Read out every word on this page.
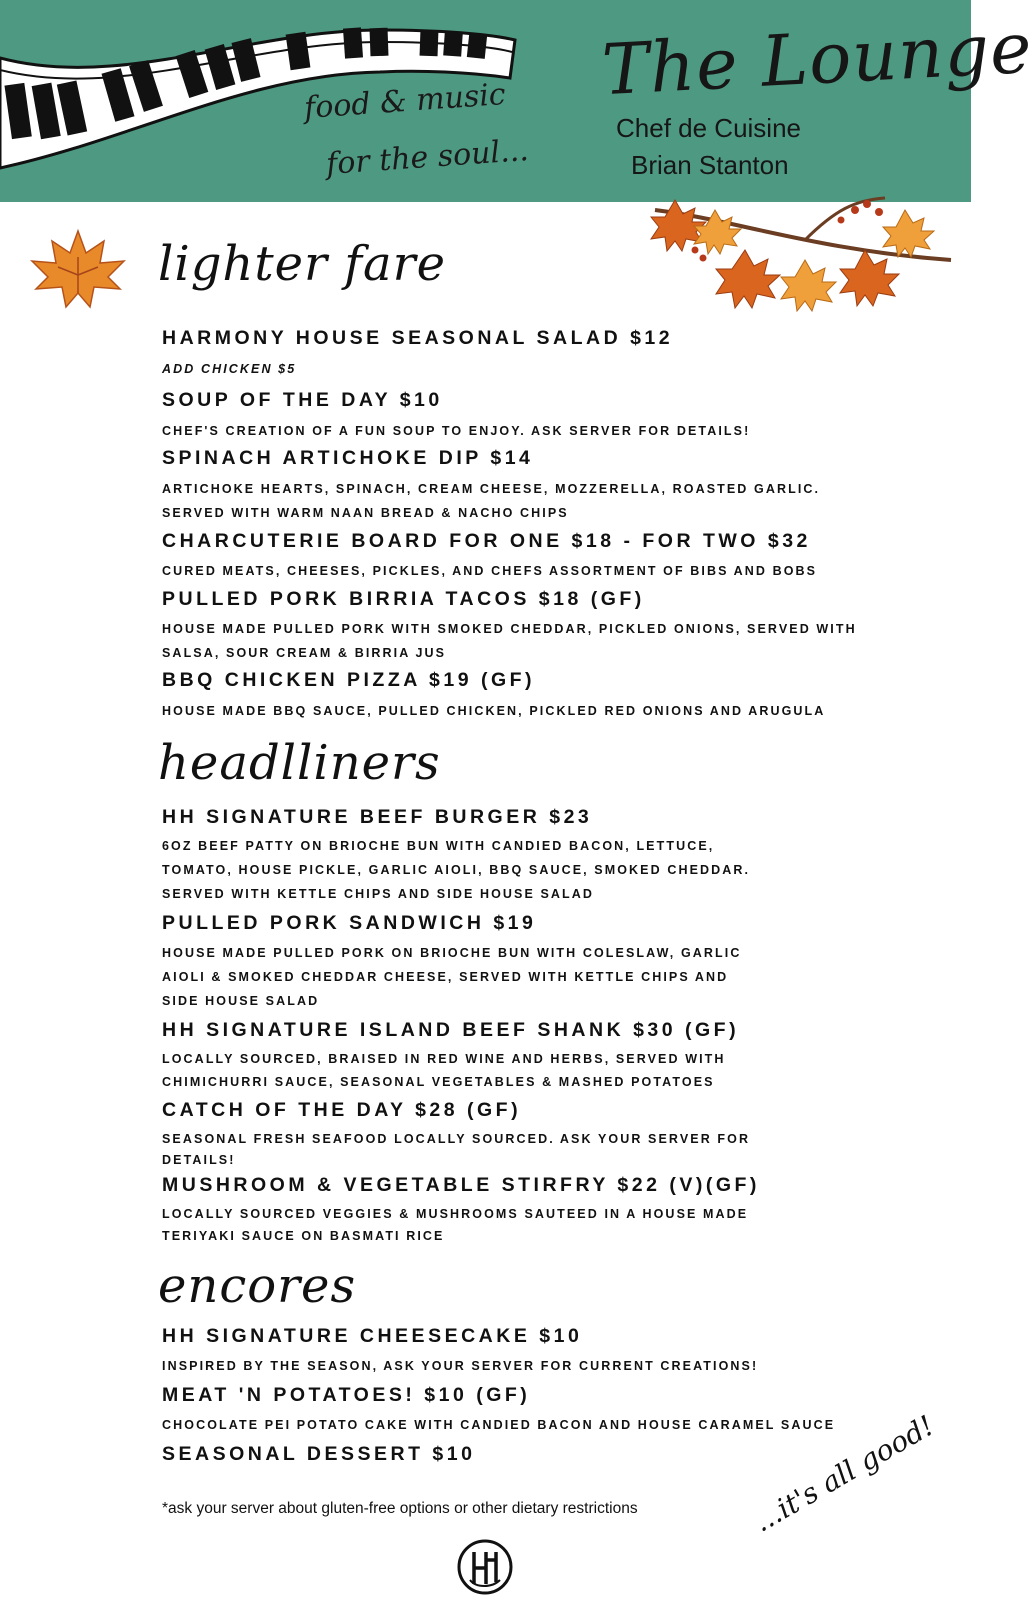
food & music
for the soul...
The Lounge
Chef de Cuisine
Brian Stanton
lighter fare
HARMONY HOUSE SEASONAL SALAD $12
ADD CHICKEN $5
SOUP OF THE DAY $10
CHEF'S CREATION OF A FUN SOUP TO ENJOY. ASK SERVER FOR DETAILS!
SPINACH ARTICHOKE DIP $14
ARTICHOKE HEARTS, SPINACH, CREAM CHEESE, MOZZERELLA, ROASTED GARLIC.
SERVED WITH WARM NAAN BREAD & NACHO CHIPS
CHARCUTERIE BOARD FOR ONE $18 - FOR TWO $32
CURED MEATS, CHEESES, PICKLES, AND CHEFS ASSORTMENT OF BIBS AND BOBS
PULLED PORK BIRRIA TACOS $18 (GF)
HOUSE MADE PULLED PORK WITH SMOKED CHEDDAR, PICKLED ONIONS, SERVED WITH
SALSA, SOUR CREAM & BIRRIA JUS
BBQ CHICKEN PIZZA $19 (GF)
HOUSE MADE BBQ SAUCE, PULLED CHICKEN, PICKLED RED ONIONS AND ARUGULA
headlliners
HH SIGNATURE BEEF BURGER $23
6OZ BEEF PATTY ON BRIOCHE BUN WITH CANDIED BACON, LETTUCE,
TOMATO, HOUSE PICKLE, GARLIC AIOLI, BBQ SAUCE, SMOKED CHEDDAR.
SERVED WITH KETTLE CHIPS AND SIDE HOUSE SALAD
PULLED PORK SANDWICH $19
HOUSE MADE PULLED PORK ON BRIOCHE BUN WITH COLESLAW, GARLIC
AIOLI & SMOKED CHEDDAR CHEESE, SERVED WITH KETTLE CHIPS AND
SIDE HOUSE SALAD
HH SIGNATURE ISLAND BEEF SHANK $30 (GF)
LOCALLY SOURCED, BRAISED IN RED WINE AND HERBS, SERVED WITH
CHIMICHURRI SAUCE, SEASONAL VEGETABLES & MASHED POTATOES
CATCH OF THE DAY $28 (GF)
SEASONAL FRESH SEAFOOD LOCALLY SOURCED. ASK YOUR SERVER FOR
DETAILS!
MUSHROOM & VEGETABLE STIRFRY $22 (V)(GF)
LOCALLY SOURCED VEGGIES & MUSHROOMS SAUTEED IN A HOUSE MADE
TERIYAKI SAUCE ON BASMATI RICE
encores
HH SIGNATURE CHEESECAKE $10
INSPIRED BY THE SEASON, ASK YOUR SERVER FOR CURRENT CREATIONS!
MEAT 'N POTATOES! $10 (GF)
CHOCOLATE PEI POTATO CAKE WITH CANDIED BACON AND HOUSE CARAMEL SAUCE
SEASONAL DESSERT $10
*ask your server about gluten-free options or other dietary restrictions	...it's all good!
